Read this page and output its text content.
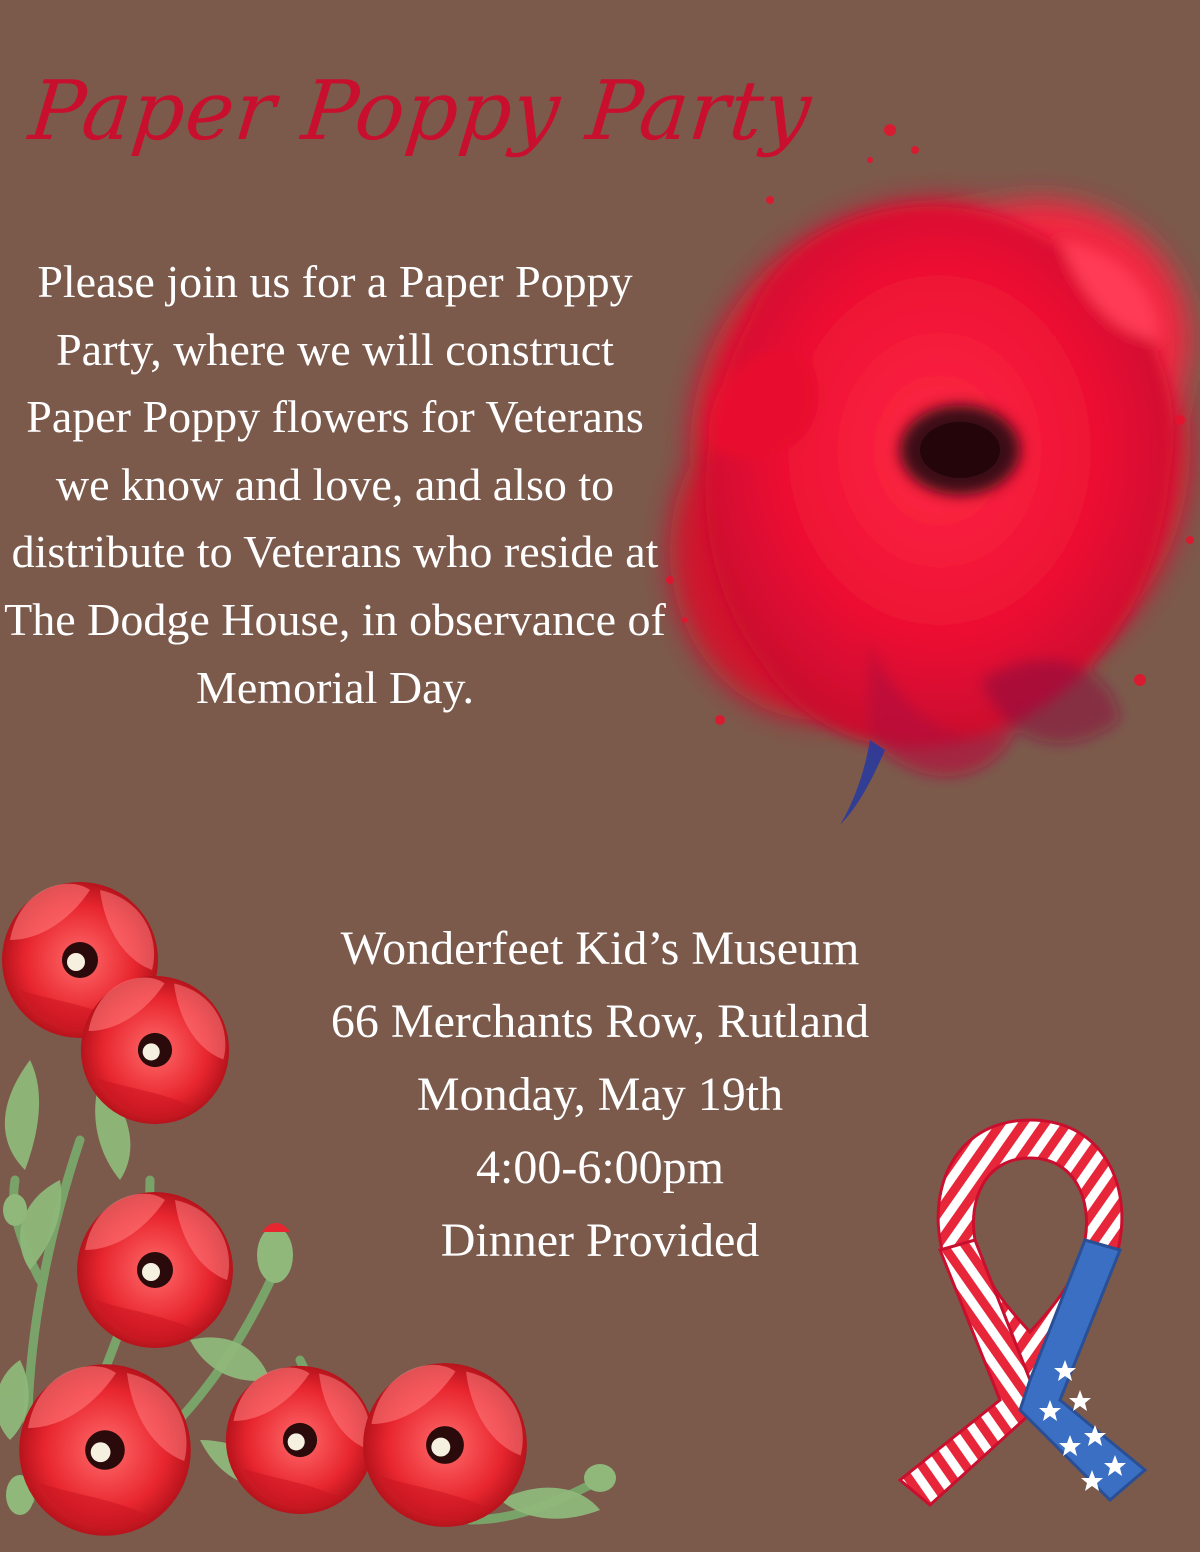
Paper Poppy Party

Please join us for a Paper Poppy Party, where we will construct Paper Poppy flowers for Veterans we know and love, and also to distribute to Veterans who reside at The Dodge House, in observance of Memorial Day.

Wonderfeet Kid’s Museum
66 Merchants Row, Rutland
Monday, May 19th
4:00-6:00pm
Dinner Provided
